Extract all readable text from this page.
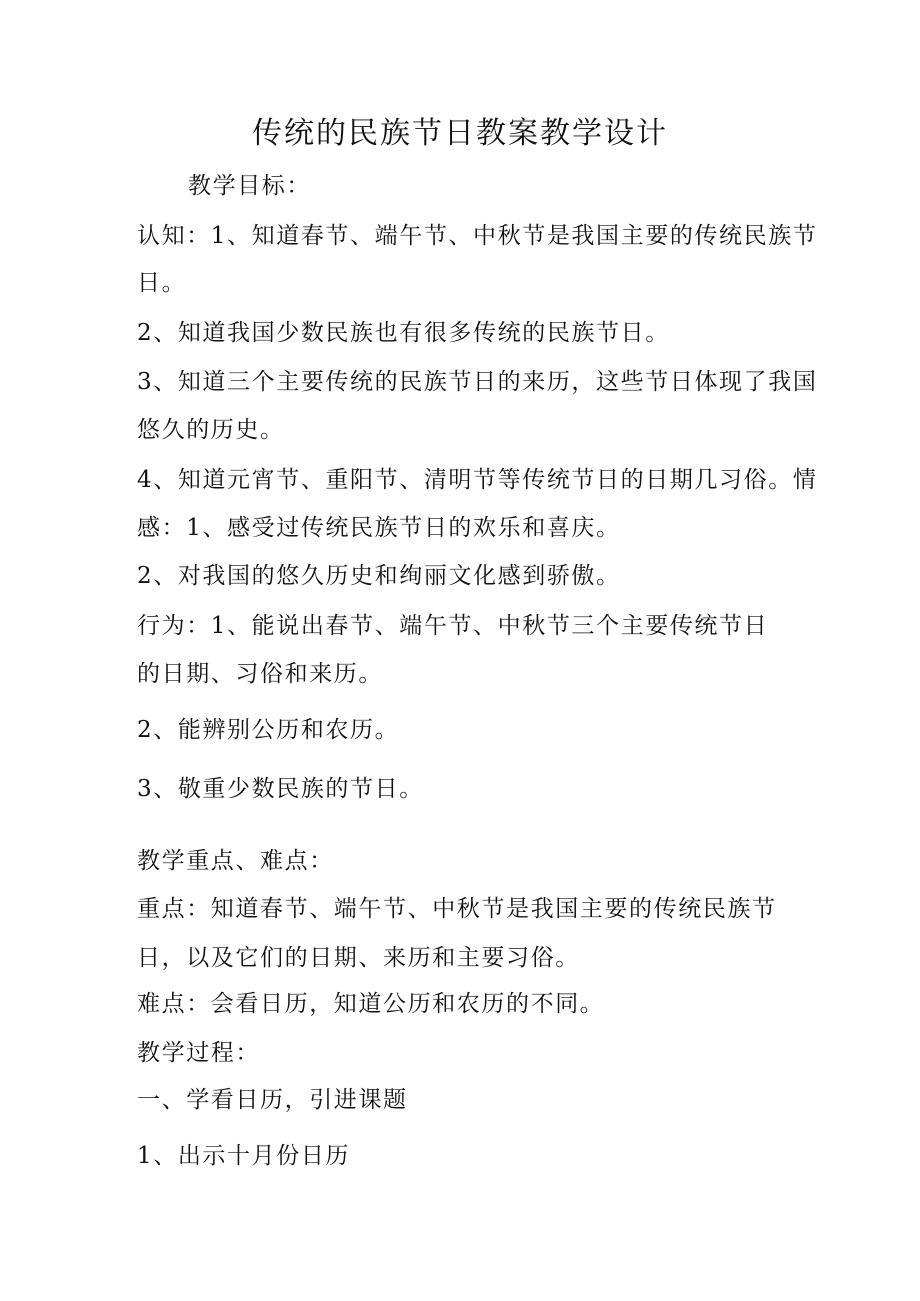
传统的民族节日教案教学设计
教学目标：
认知：1、知道春节、端午节、中秋节是我国主要的传统民族节
日。
2、知道我国少数民族也有很多传统的民族节日。
3、知道三个主要传统的民族节日的来历，这些节日体现了我国
悠久的历史。
4、知道元宵节、重阳节、清明节等传统节日的日期几习俗。情
感：1、感受过传统民族节日的欢乐和喜庆。
2、对我国的悠久历史和绚丽文化感到骄傲。
行为：1、能说出春节、端午节、中秋节三个主要传统节日
的日期、习俗和来历。
2、能辨别公历和农历。
3、敬重少数民族的节日。
教学重点、难点：
重点：知道春节、端午节、中秋节是我国主要的传统民族节
日，以及它们的日期、来历和主要习俗。
难点：会看日历，知道公历和农历的不同。
教学过程：
一、学看日历，引进课题
1、出示十月份日历
